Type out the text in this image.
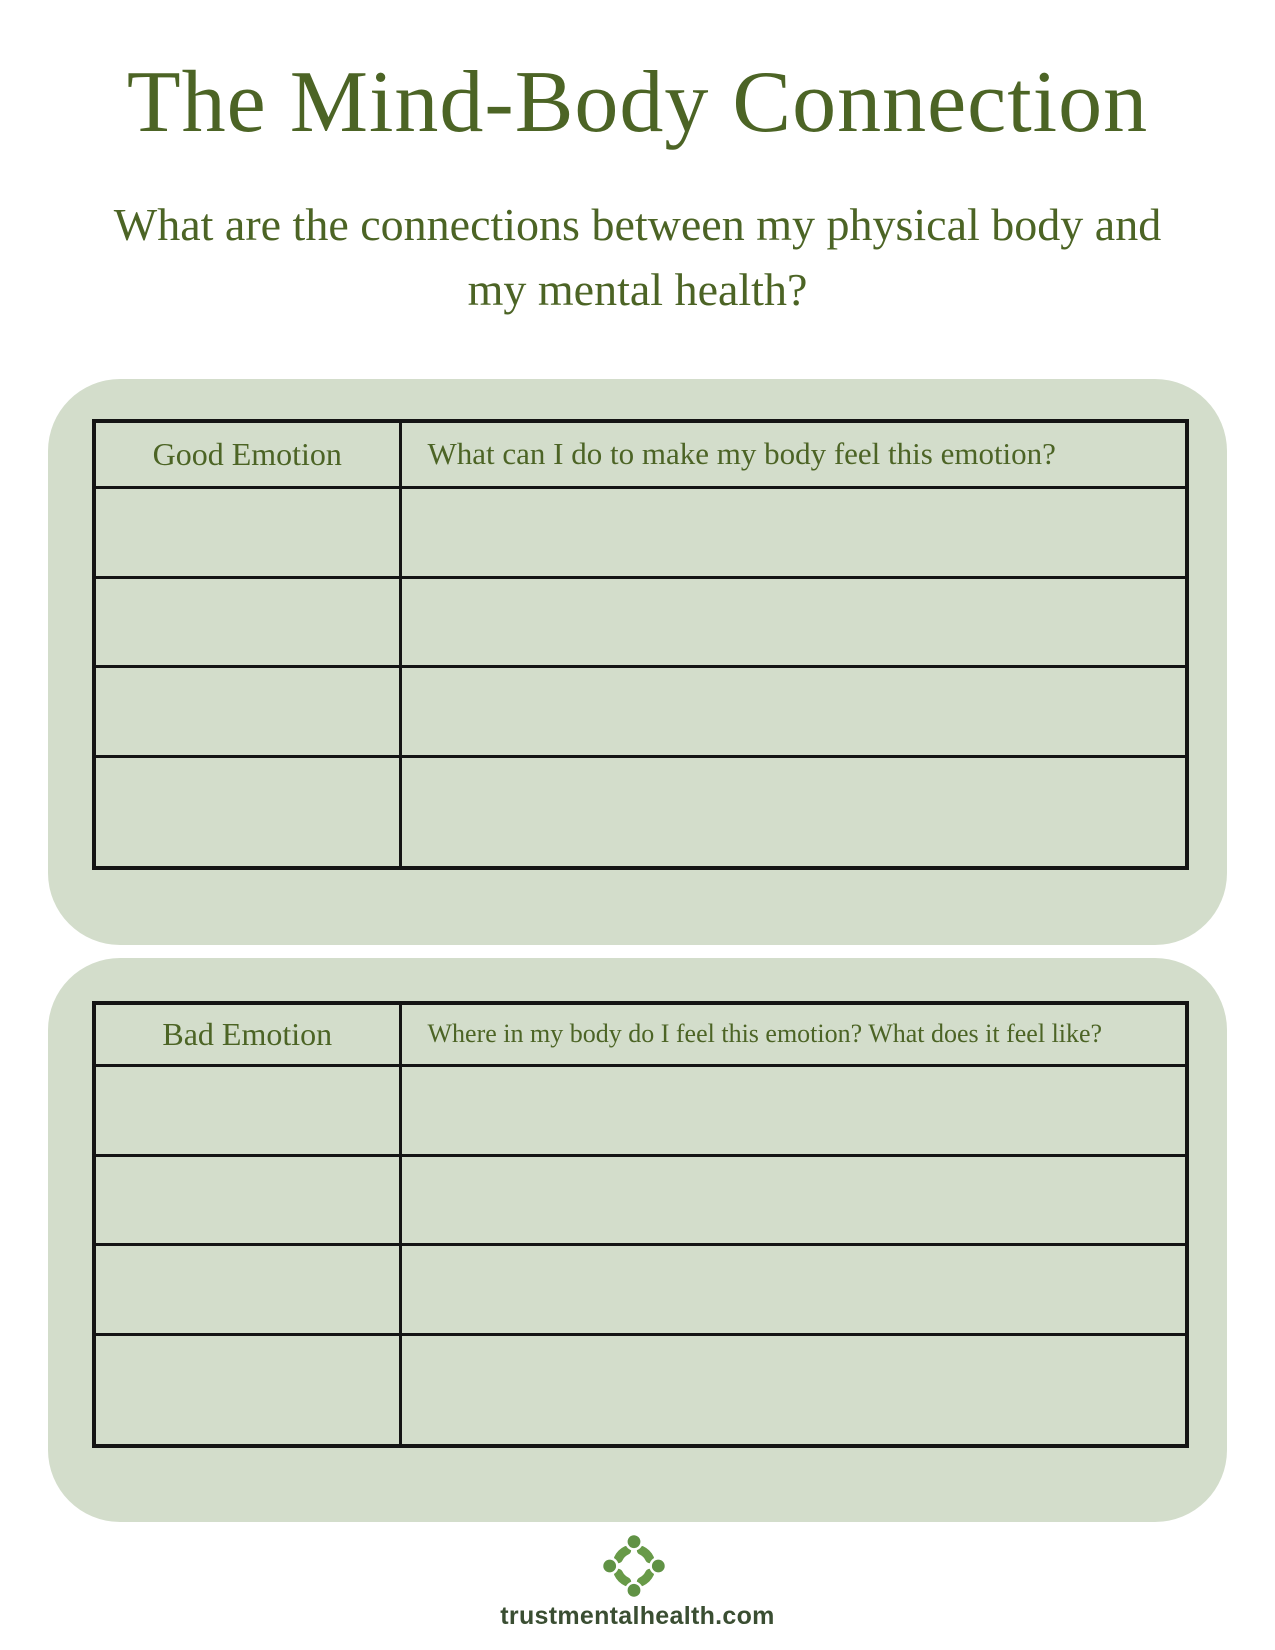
The Mind-Body Connection

What are the connections between my physical body and my mental health?

Good Emotion	What can I do to make my body feel this emotion?

Bad Emotion	Where in my body do I feel this emotion? What does it feel like?

trustmentalhealth.com
